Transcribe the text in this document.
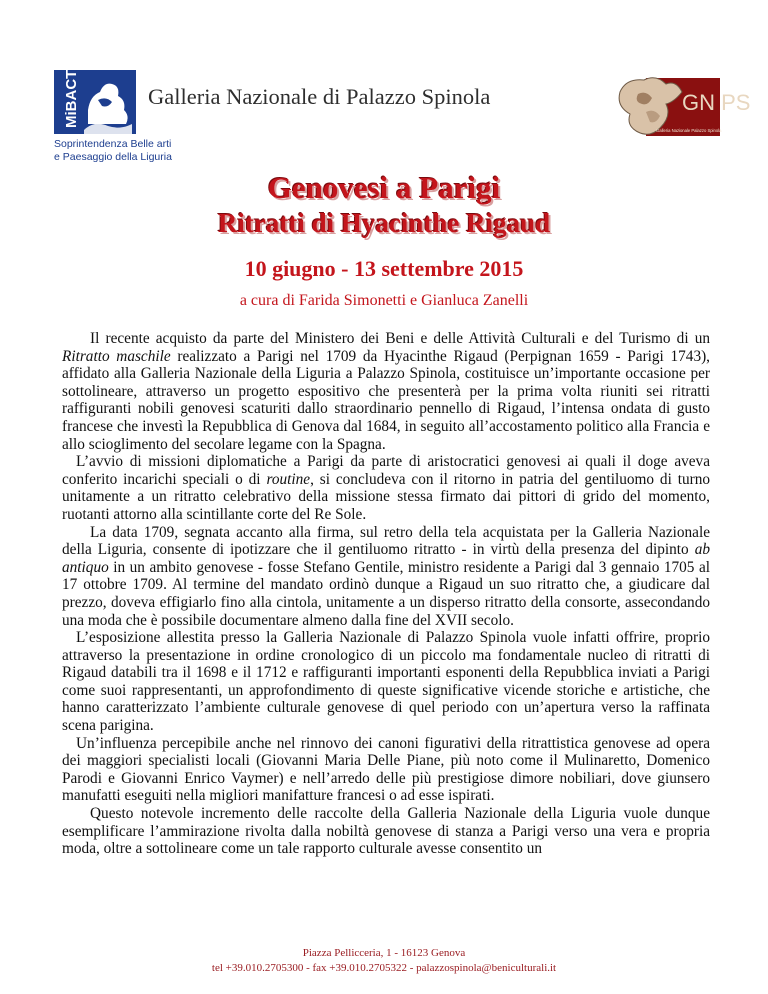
MiBACT
Soprintendenza Belle arti
e Paesaggio della Liguria
Galleria Nazionale di Palazzo Spinola	GN PS
Galleria Nazionale Palazzo Spinola
Genovesi a Parigi
Ritratti di Hyacinthe Rigaud
10 giugno - 13 settembre 2015
a cura di Farida Simonetti e Gianluca Zanelli

Il recente acquisto da parte del Ministero dei Beni e delle Attività Culturali e del Turismo di un Ritratto maschile realizzato a Parigi nel 1709 da Hyacinthe Rigaud (Perpignan 1659 - Parigi 1743), affidato alla Galleria Nazionale della Liguria a Palazzo Spinola, costituisce un’importante occasione per sottolineare, attraverso un progetto espositivo che presenterà per la prima volta riuniti sei ritratti raffiguranti nobili genovesi scaturiti dallo straordinario pennello di Rigaud, l’intensa ondata di gusto francese che investì la Repubblica di Genova dal 1684, in seguito all’accostamento politico alla Francia e allo scioglimento del secolare legame con la Spagna.

L’avvio di missioni diplomatiche a Parigi da parte di aristocratici genovesi ai quali il doge aveva conferito incarichi speciali o di routine, si concludeva con il ritorno in patria del gentiluomo di turno unitamente a un ritratto celebrativo della missione stessa firmato dai pittori di grido del momento, ruotanti attorno alla scintillante corte del Re Sole.

La data 1709, segnata accanto alla firma, sul retro della tela acquistata per la Galleria Nazionale della Liguria, consente di ipotizzare che il gentiluomo ritratto - in virtù della presenza del dipinto ab antiquo in un ambito genovese - fosse Stefano Gentile, ministro residente a Parigi dal 3 gennaio 1705 al 17 ottobre 1709. Al termine del mandato ordinò dunque a Rigaud un suo ritratto che, a giudicare dal prezzo, doveva effigiarlo fino alla cintola, unitamente a un disperso ritratto della consorte, assecondando una moda che è possibile documentare almeno dalla fine del XVII secolo.

L’esposizione allestita presso la Galleria Nazionale di Palazzo Spinola vuole infatti offrire, proprio attraverso la presentazione in ordine cronologico di un piccolo ma fondamentale nucleo di ritratti di Rigaud databili tra il 1698 e il 1712 e raffiguranti importanti esponenti della Repubblica inviati a Parigi come suoi rappresentanti, un approfondimento di queste significative vicende storiche e artistiche, che hanno caratterizzato l’ambiente culturale genovese di quel periodo con un’apertura verso la raffinata scena parigina.

Un’influenza percepibile anche nel rinnovo dei canoni figurativi della ritrattistica genovese ad opera dei maggiori specialisti locali (Giovanni Maria Delle Piane, più noto come il Mulinaretto, Domenico Parodi e Giovanni Enrico Vaymer) e nell’arredo delle più prestigiose dimore nobiliari, dove giunsero manufatti eseguiti nella migliori manifatture francesi o ad esse ispirati.

Questo notevole incremento delle raccolte della Galleria Nazionale della Liguria vuole dunque esemplificare l’ammirazione rivolta dalla nobiltà genovese di stanza a Parigi verso una vera e propria moda, oltre a sottolineare come un tale rapporto culturale avesse consentito un

Piazza Pellicceria, 1 - 16123 Genova
tel +39.010.2705300 - fax +39.010.2705322 - palazzospinola@beniculturali.it
